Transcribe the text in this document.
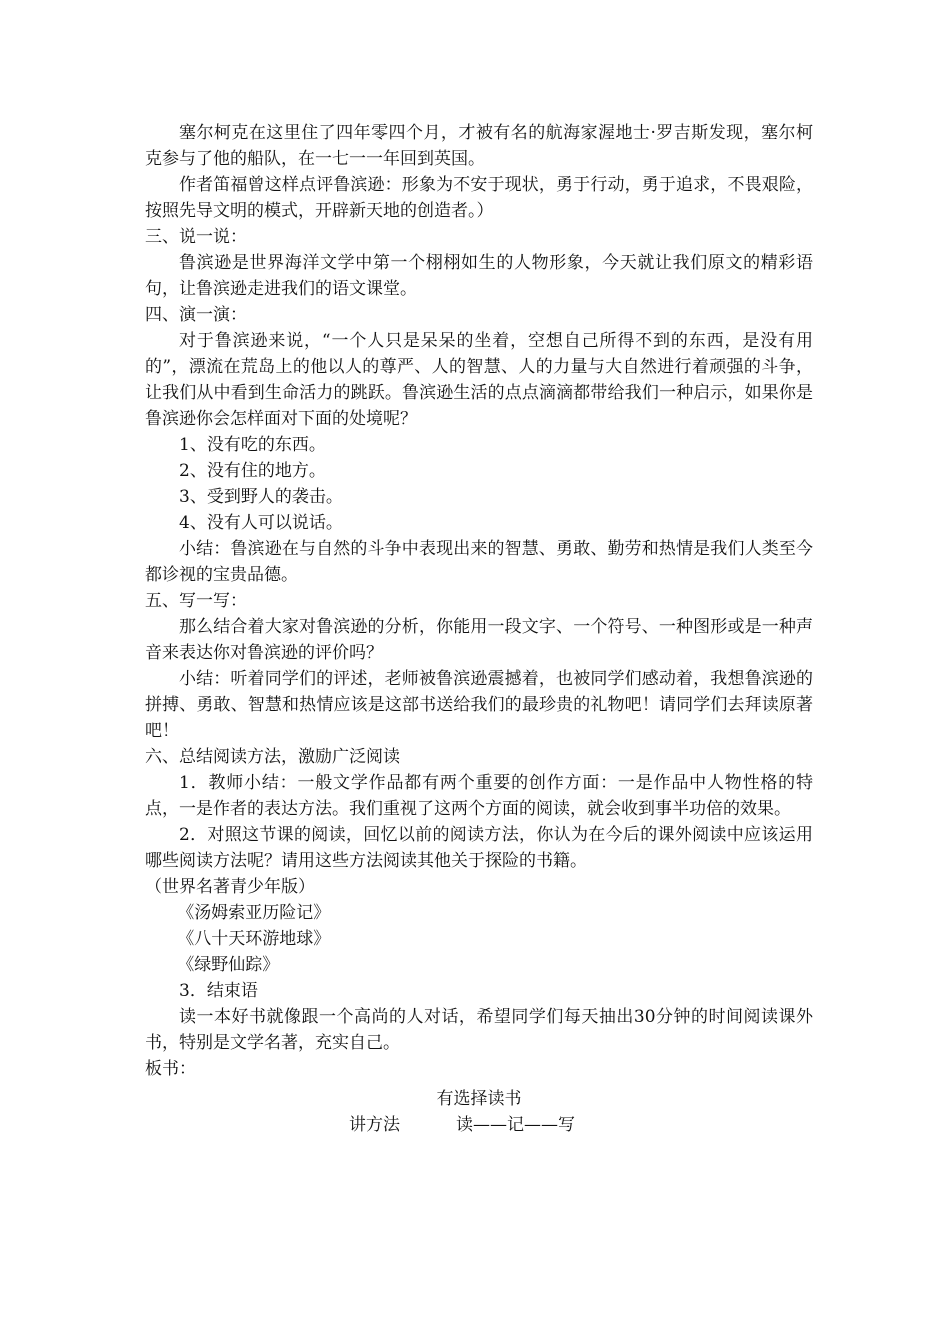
塞尔柯克在这里住了四年零四个月，才被有名的航海家渥地士·罗吉斯发现，塞尔柯克参与了他的船队，在一七一一年回到英国。

作者笛福曾这样点评鲁滨逊：形象为不安于现状，勇于行动，勇于追求，不畏艰险，按照先导文明的模式，开辟新天地的创造者。）

三、说一说：

鲁滨逊是世界海洋文学中第一个栩栩如生的人物形象，今天就让我们原文的精彩语句，让鲁滨逊走进我们的语文课堂。

四、演一演：

对于鲁滨逊来说，“一个人只是呆呆的坐着，空想自己所得不到的东西，是没有用的”，漂流在荒岛上的他以人的尊严、人的智慧、人的力量与大自然进行着顽强的斗争，让我们从中看到生命活力的跳跃。鲁滨逊生活的点点滴滴都带给我们一种启示，如果你是鲁滨逊你会怎样面对下面的处境呢？

1、没有吃的东西。

2、没有住的地方。

3、受到野人的袭击。

4、没有人可以说话。

小结：鲁滨逊在与自然的斗争中表现出来的智慧、勇敢、勤劳和热情是我们人类至今都诊视的宝贵品德。

五、写一写：

那么结合着大家对鲁滨逊的分析，你能用一段文字、一个符号、一种图形或是一种声音来表达你对鲁滨逊的评价吗？

小结：听着同学们的评述，老师被鲁滨逊震撼着，也被同学们感动着，我想鲁滨逊的拼搏、勇敢、智慧和热情应该是这部书送给我们的最珍贵的礼物吧！请同学们去拜读原著吧！

六、总结阅读方法，激励广泛阅读

1．教师小结：一般文学作品都有两个重要的创作方面：一是作品中人物性格的特点，一是作者的表达方法。我们重视了这两个方面的阅读，就会收到事半功倍的效果。

2．对照这节课的阅读，回忆以前的阅读方法，你认为在今后的课外阅读中应该运用哪些阅读方法呢？请用这些方法阅读其他关于探险的书籍。

（世界名著青少年版）

《汤姆索亚历险记》

《八十天环游地球》

《绿野仙踪》

3．结束语

读一本好书就像跟一个高尚的人对话，希望同学们每天抽出30分钟的时间阅读课外书，特别是文学名著，充实自己。

板书：

有选择读书

讲方法	读——记——写
